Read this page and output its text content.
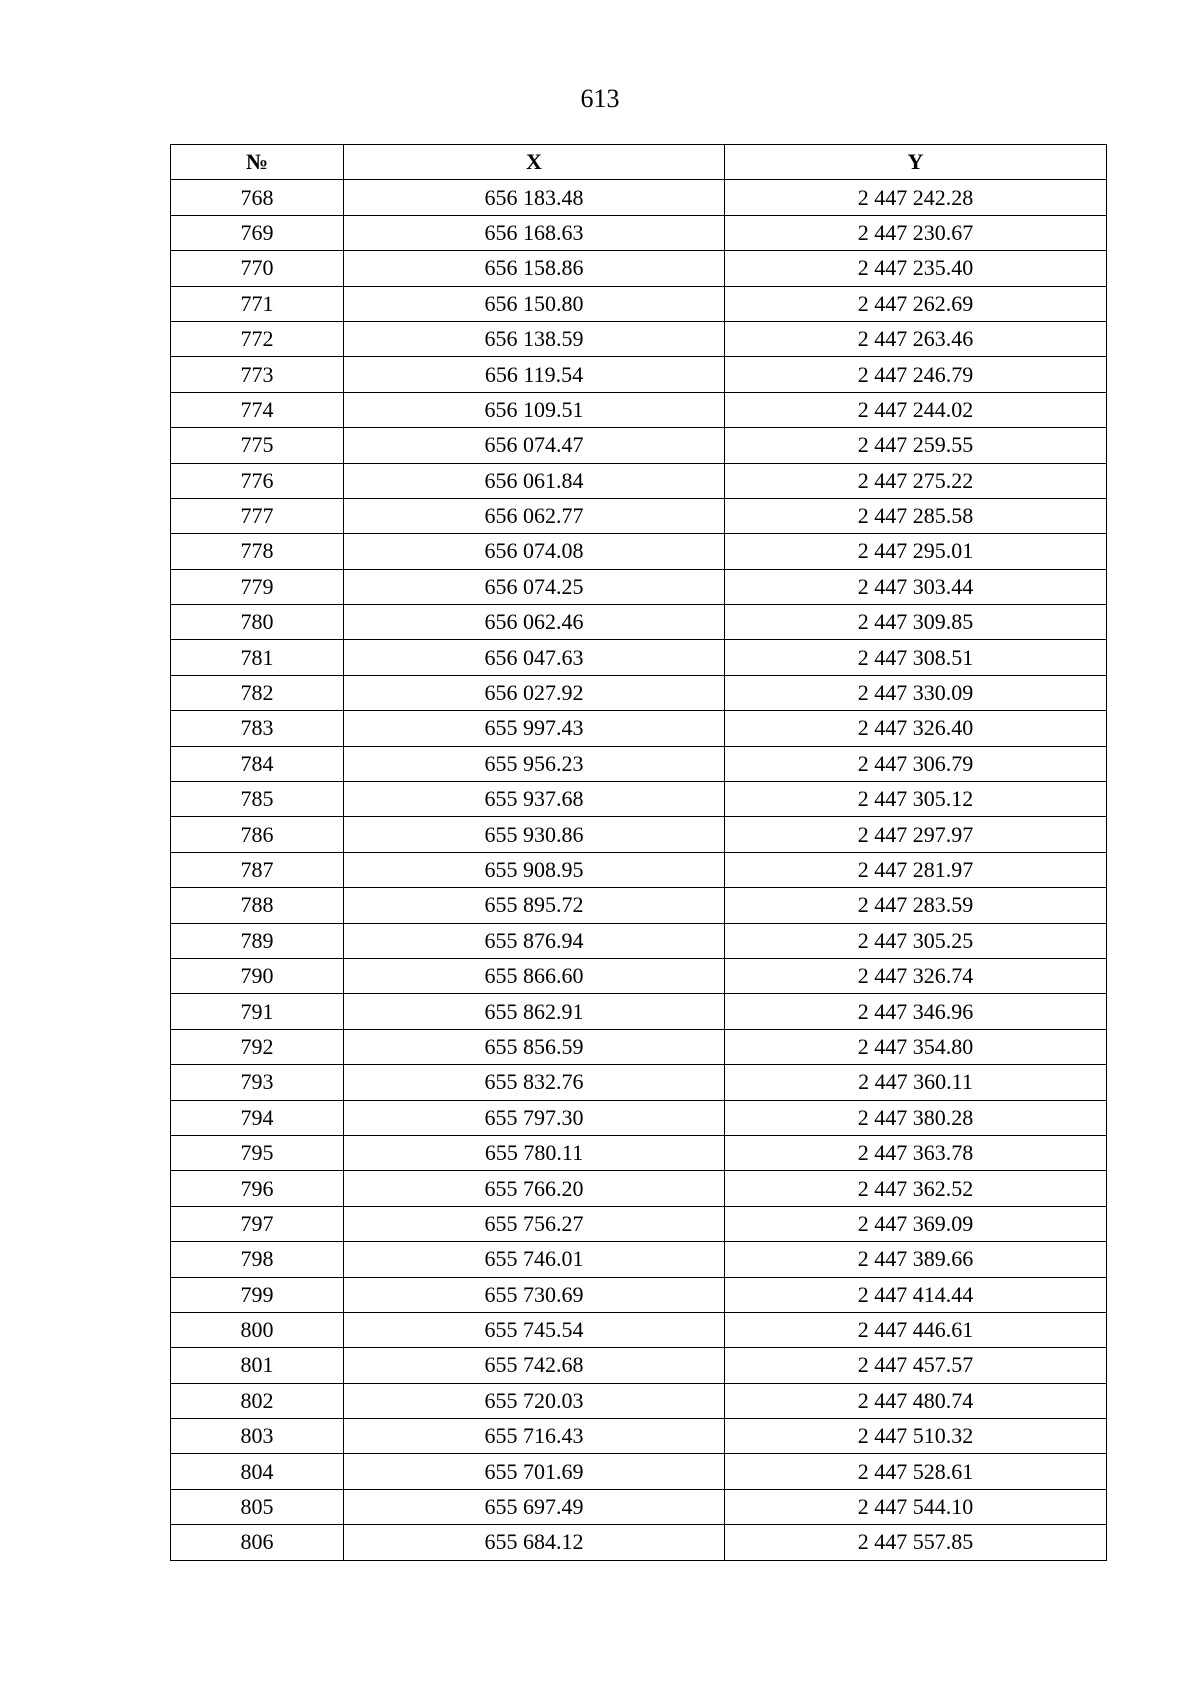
613
№	X	Y
768	656 183.48	2 447 242.28
769	656 168.63	2 447 230.67
770	656 158.86	2 447 235.40
771	656 150.80	2 447 262.69
772	656 138.59	2 447 263.46
773	656 119.54	2 447 246.79
774	656 109.51	2 447 244.02
775	656 074.47	2 447 259.55
776	656 061.84	2 447 275.22
777	656 062.77	2 447 285.58
778	656 074.08	2 447 295.01
779	656 074.25	2 447 303.44
780	656 062.46	2 447 309.85
781	656 047.63	2 447 308.51
782	656 027.92	2 447 330.09
783	655 997.43	2 447 326.40
784	655 956.23	2 447 306.79
785	655 937.68	2 447 305.12
786	655 930.86	2 447 297.97
787	655 908.95	2 447 281.97
788	655 895.72	2 447 283.59
789	655 876.94	2 447 305.25
790	655 866.60	2 447 326.74
791	655 862.91	2 447 346.96
792	655 856.59	2 447 354.80
793	655 832.76	2 447 360.11
794	655 797.30	2 447 380.28
795	655 780.11	2 447 363.78
796	655 766.20	2 447 362.52
797	655 756.27	2 447 369.09
798	655 746.01	2 447 389.66
799	655 730.69	2 447 414.44
800	655 745.54	2 447 446.61
801	655 742.68	2 447 457.57
802	655 720.03	2 447 480.74
803	655 716.43	2 447 510.32
804	655 701.69	2 447 528.61
805	655 697.49	2 447 544.10
806	655 684.12	2 447 557.85
